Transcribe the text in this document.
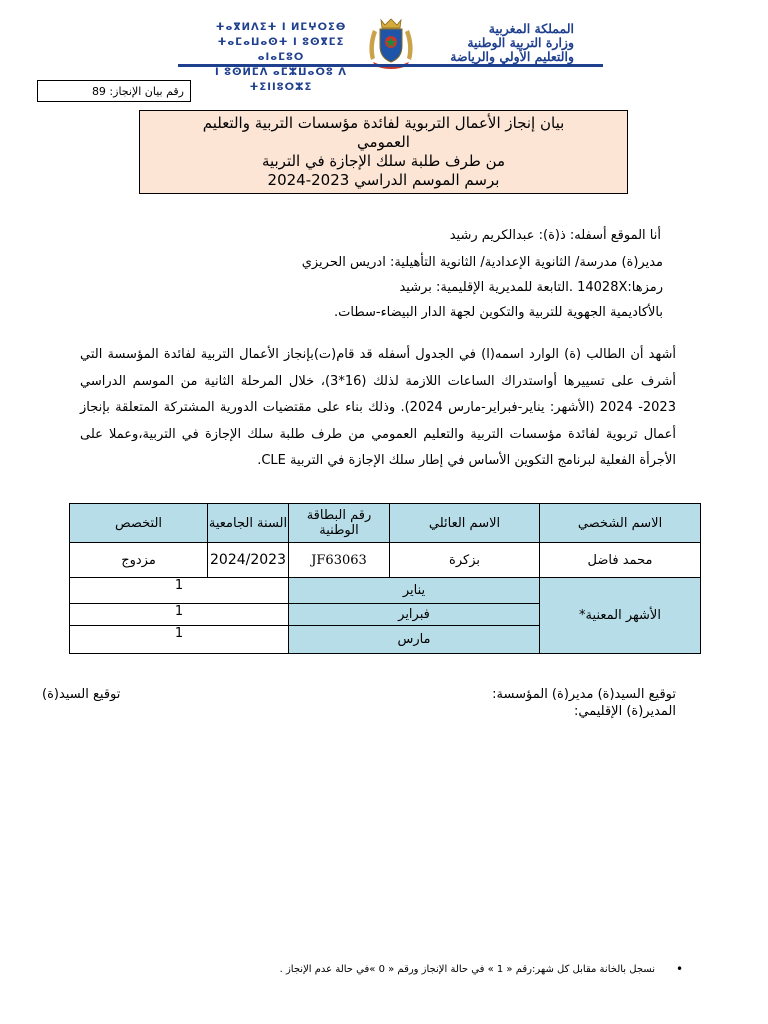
ⵜⴰⴳⵍⴷⵉⵜ ⵏ ⵍⵎⵖⵔⵉⴱ
ⵜⴰⵎⴰⵡⴰⵙⵜ ⵏ ⵓⵙⴳⵎⵉ ⴰⵏⴰⵎⵓⵔ
ⵏ ⵓⵙⵍⵎⴷ ⴰⵎⵣⵡⴰⵔⵓ ⴷ ⵜⵉⵏⵏⵓⵔⵣⵉ
المملكة المغربية
وزارة التربية الوطنية
والتعليم الأولي والرياضة
رقم بيان الإنجاز: 89
بيان إنجاز الأعمال التربوية لفائدة مؤسسات التربية والتعليم
العمومي
من طرف طلبة سلك الإجازة في التربية
برسم الموسم الدراسي 2023-2024
أنا الموقع أسفله: ذ(ة): عبدالكريم رشيد
مدير(ة) مدرسة/ الثانوية الإعدادية/ الثانوية التأهيلية: ادريس الحريزي
رمزها:14028X .التابعة للمديرية الإقليمية: برشيد
بالأكاديمية الجهوية للتربية والتكوين لجهة الدار البيضاء-سطات.
أشهد أن الطالب (ة) الوارد اسمه(ا) في الجدول أسفله قد قام(ت)بإنجاز الأعمال التربية لفائدة المؤسسة التي أشرف على تسييرها أواستدراك الساعات اللازمة لذلك (16*3)، خلال المرحلة الثانية من الموسم الدراسي 2023- 2024 (الأشهر: يناير-فبراير-مارس 2024). وذلك بناء على مقتضيات الدورية المشتركة المتعلقة بإنجاز أعمال تربوية لفائدة مؤسسات التربية والتعليم العمومي من طرف طلبة سلك الإجازة في التربية،وعملا على الأجرأة الفعلية لبرنامج التكوين الأساس في إطار سلك الإجازة في التربية CLE.
الاسم الشخصي	الاسم العائلي	رقم البطاقة الوطنية	السنة الجامعية	التخصص
محمد فاضل	بزكرة	JF63063	2024/2023	مزدوج
الأشهر المعنية*	يناير		1	
	فبراير		1	
	مارس		1	
توقيع السيد(ة) مدير(ة) المؤسسة:
المدير(ة) الإقليمي:
توقيع السيد(ة)
•
نسجل بالخانة مقابل كل شهر:رقم « 1 » في حالة الإنجاز ورقم « 0 »في حالة عدم الإنجاز .
